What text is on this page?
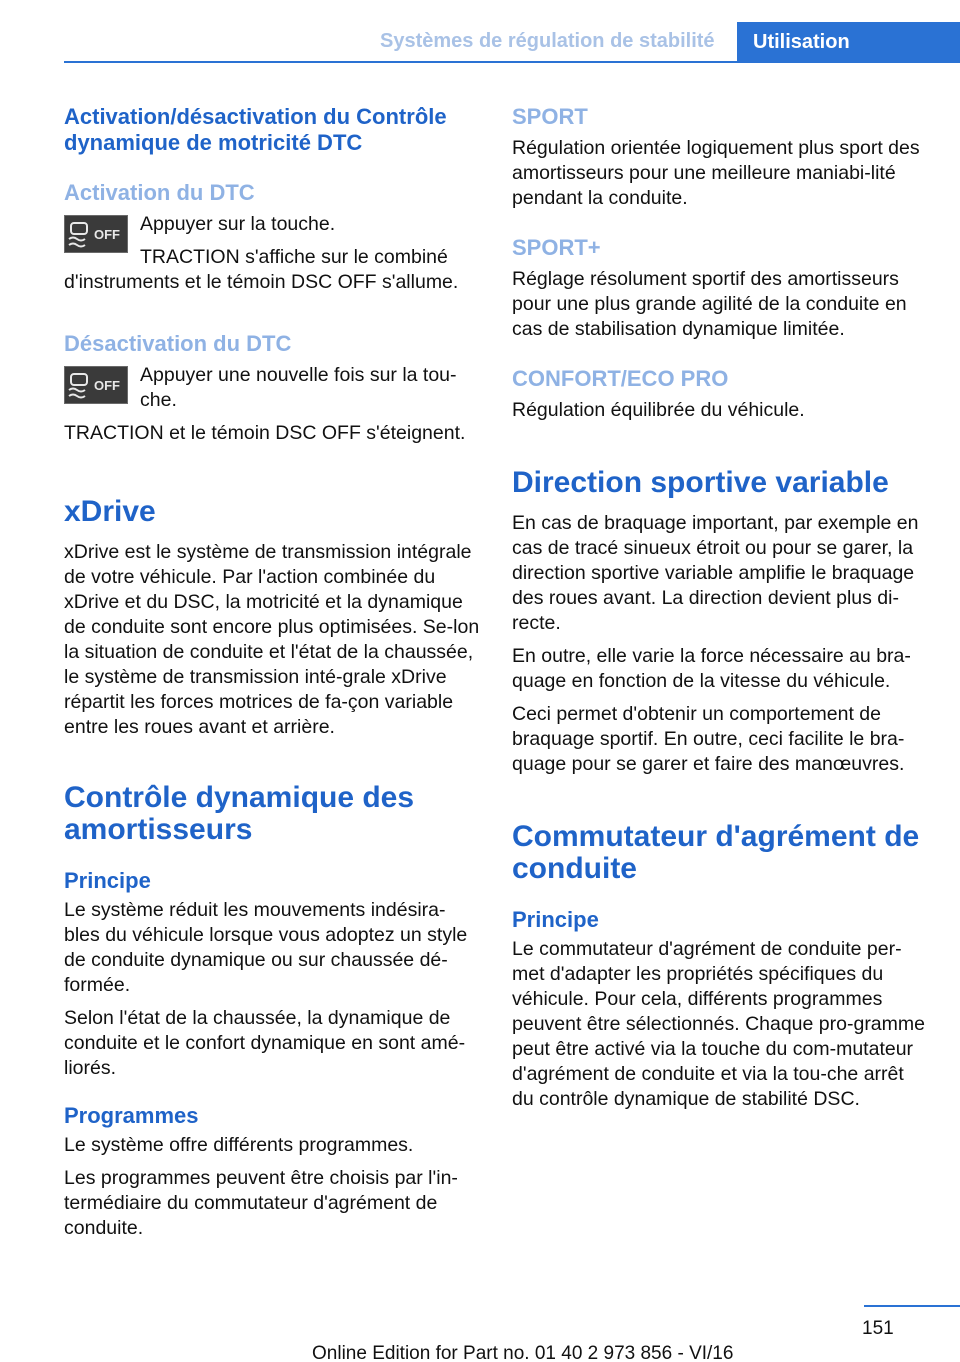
Systèmes de régulation de stabilité	Utilisation
Activation/désactivation du Contrôle dynamique de motricité DTC
Activation du DTC
OFF Appuyer sur la touche.

TRACTION s'affiche sur le combiné d'instruments et le témoin DSC OFF s'allume.

Désactivation du DTC
OFF Appuyer une nouvelle fois sur la tou‐che.

TRACTION et le témoin DSC OFF s'éteignent.

xDrive

xDrive est le système de transmission intégrale de votre véhicule. Par l'action combinée du xDrive et du DSC, la motricité et la dynamique de conduite sont encore plus optimisées. Se‐lon la situation de conduite et l'état de la chaussée, le système de transmission inté‐grale xDrive répartit les forces motrices de fa‐çon variable entre les roues avant et arrière.

Contrôle dynamique des amortisseurs
Principe

Le système réduit les mouvements indésira‐bles du véhicule lorsque vous adoptez un style de conduite dynamique ou sur chaussée dé‐formée.

Selon l'état de la chaussée, la dynamique de conduite et le confort dynamique en sont amé‐liorés.

Programmes

Le système offre différents programmes.

Les programmes peuvent être choisis par l'in‐termédiaire du commutateur d'agrément de conduite.

SPORT

Régulation orientée logiquement plus sport des amortisseurs pour une meilleure maniabi‐lité pendant la conduite.

SPORT+

Réglage résolument sportif des amortisseurs pour une plus grande agilité de la conduite en cas de stabilisation dynamique limitée.

CONFORT/ECO PRO

Régulation équilibrée du véhicule.

Direction sportive variable

En cas de braquage important, par exemple en cas de tracé sinueux étroit ou pour se garer, la direction sportive variable amplifie le braquage des roues avant. La direction devient plus di‐recte.

En outre, elle varie la force nécessaire au bra‐quage en fonction de la vitesse du véhicule.

Ceci permet d'obtenir un comportement de braquage sportif. En outre, ceci facilite le bra‐quage pour se garer et faire des manœuvres.

Commutateur d'agrément de conduite
Principe

Le commutateur d'agrément de conduite per‐met d'adapter les propriétés spécifiques du véhicule. Pour cela, différents programmes peuvent être sélectionnés. Chaque pro‐gramme peut être activé via la touche du com‐mutateur d'agrément de conduite et via la tou‐che arrêt du contrôle dynamique de stabilité DSC.

151
Online Edition for Part no. 01 40 2 973 856 - VI/16
